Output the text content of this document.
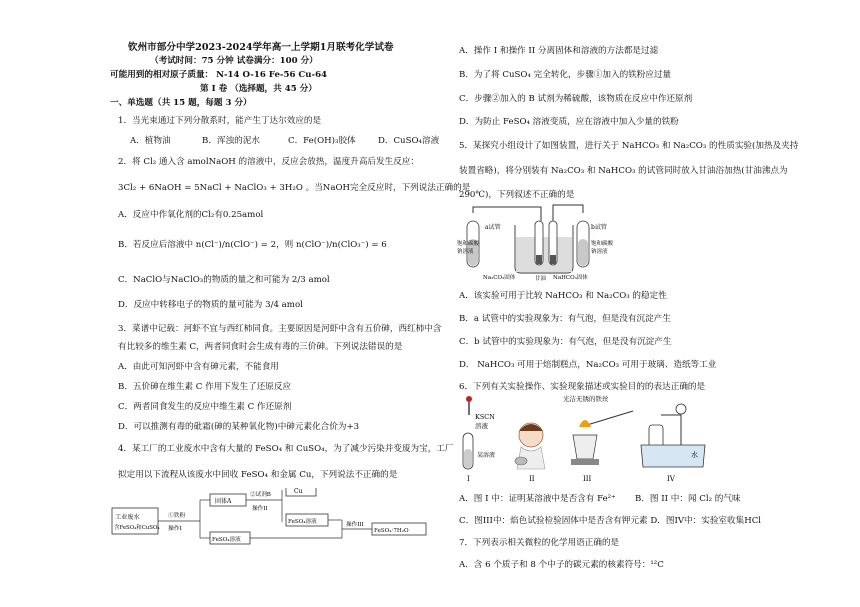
钦州市部分中学2023-2024学年高一上学期1月联考化学试卷
（考试时间：75 分钟 试卷满分：100 分）
可能用到的相对原子质量： N-14 O-16 Fe-56 Cu-64
第 I 卷 （选择题，共 45 分）
一、单选题（共 15 题，每题 3 分）
1．当光束通过下列分散系时，能产生丁达尔效应的是
A．植物油	B．浑浊的泥水	C．Fe(OH)₃胶体	D．CuSO₄溶液
2．将 Cl₂ 通入含 amolNaOH 的溶液中，反应会放热，温度升高后发生反应：
3Cl₂ + 6NaOH = 5NaCl + NaClO₃ + 3H₂O 。当NaOH完全反应时，下列说法正确的是
A．反应中作氧化剂的Cl₂有0.25amol
B．若反应后溶液中 n(Cl⁻)/n(ClO⁻) = 2，则 n(ClO⁻)/n(ClO₃⁻) = 6
C．NaClO与NaClO₃的物质的量之和可能为 2/3 amol
D．反应中转移电子的物质的量可能为 3/4 amol
3．菜谱中记载：河虾不宜与西红柿同食。主要原因是河虾中含有五价砷，西红柿中含
有比较多的维生素 C，两者同食时会生成有毒的三价砷。下列说法错误的是
A．由此可知河虾中含有砷元素，不能食用
B．五价砷在维生素 C 作用下发生了还原反应
C．两者同食发生的反应中维生素 C 作还原剂
D．可以推测有毒的砒霜(砷的某种氧化物)中砷元素化合价为+3
4．某工厂的工业废水中含有大量的 FeSO₄ 和 CuSO₄，为了减少污染并变废为宝，工厂
拟定用以下流程从该废水中回收 FeSO₄ 和金属 Cu，下列说法不正确的是
工业废水
含FeSO₄和CuSO₄
①铁粉
操作I
固体A
FeSO₄溶液
②试剂B
操作II
Cu
FeSO₄溶液	操作III
FeSO₄·7H₂O
A．操作 I 和操作 II 分离固体和溶液的方法都是过滤
B．为了将 CuSO₄ 完全转化，步骤①加入的铁粉应过量
C．步骤②加入的 B 试剂为稀硫酸，该物质在反应中作还原剂
D．为防止 FeSO₄ 溶液变质，应在溶液中加入少量的铁粉
5．某探究小组设计了如图装置，进行关于 NaHCO₃ 和 Na₂CO₃ 的性质实验(加热及夹持
装置省略)，将分别装有 Na₂CO₃ 和 NaHCO₃ 的试管同时放入甘油浴加热(甘油沸点为
290℃)，下列叙述不正确的是
a试管	b试管
饱和碳酸
钠溶液
饱和碳酸
钠溶液
Na₂CO₃固体	甘油 NaHCO₃固体
A．该实验可用于比较 NaHCO₃ 和 Na₂CO₃ 的稳定性
B．a 试管中的实验现象为：有气泡，但是没有沉淀产生
C．b 试管中的实验现象为：有气泡，但是没有沉淀产生
D． NaHCO₃ 可用于焙制糕点，Na₂CO₃ 可用于玻璃、造纸等工业
6．下列有关实验操作、实验现象描述或实验目的的表达正确的是
KSCN
溶液
某溶液
I	II
光洁无锈的铁丝
III
水
IV
A．图 I 中：证明某溶液中是否含有 Fe²⁺ B．图 II 中：闻 Cl₂ 的气味
C．图III中：焰色试验检验固体中是否含有钾元素 D．图IV中：实验室收集HCl
7．下列表示相关微粒的化学用语正确的是
A．含 6 个质子和 8 个中子的碳元素的核素符号：¹²C
